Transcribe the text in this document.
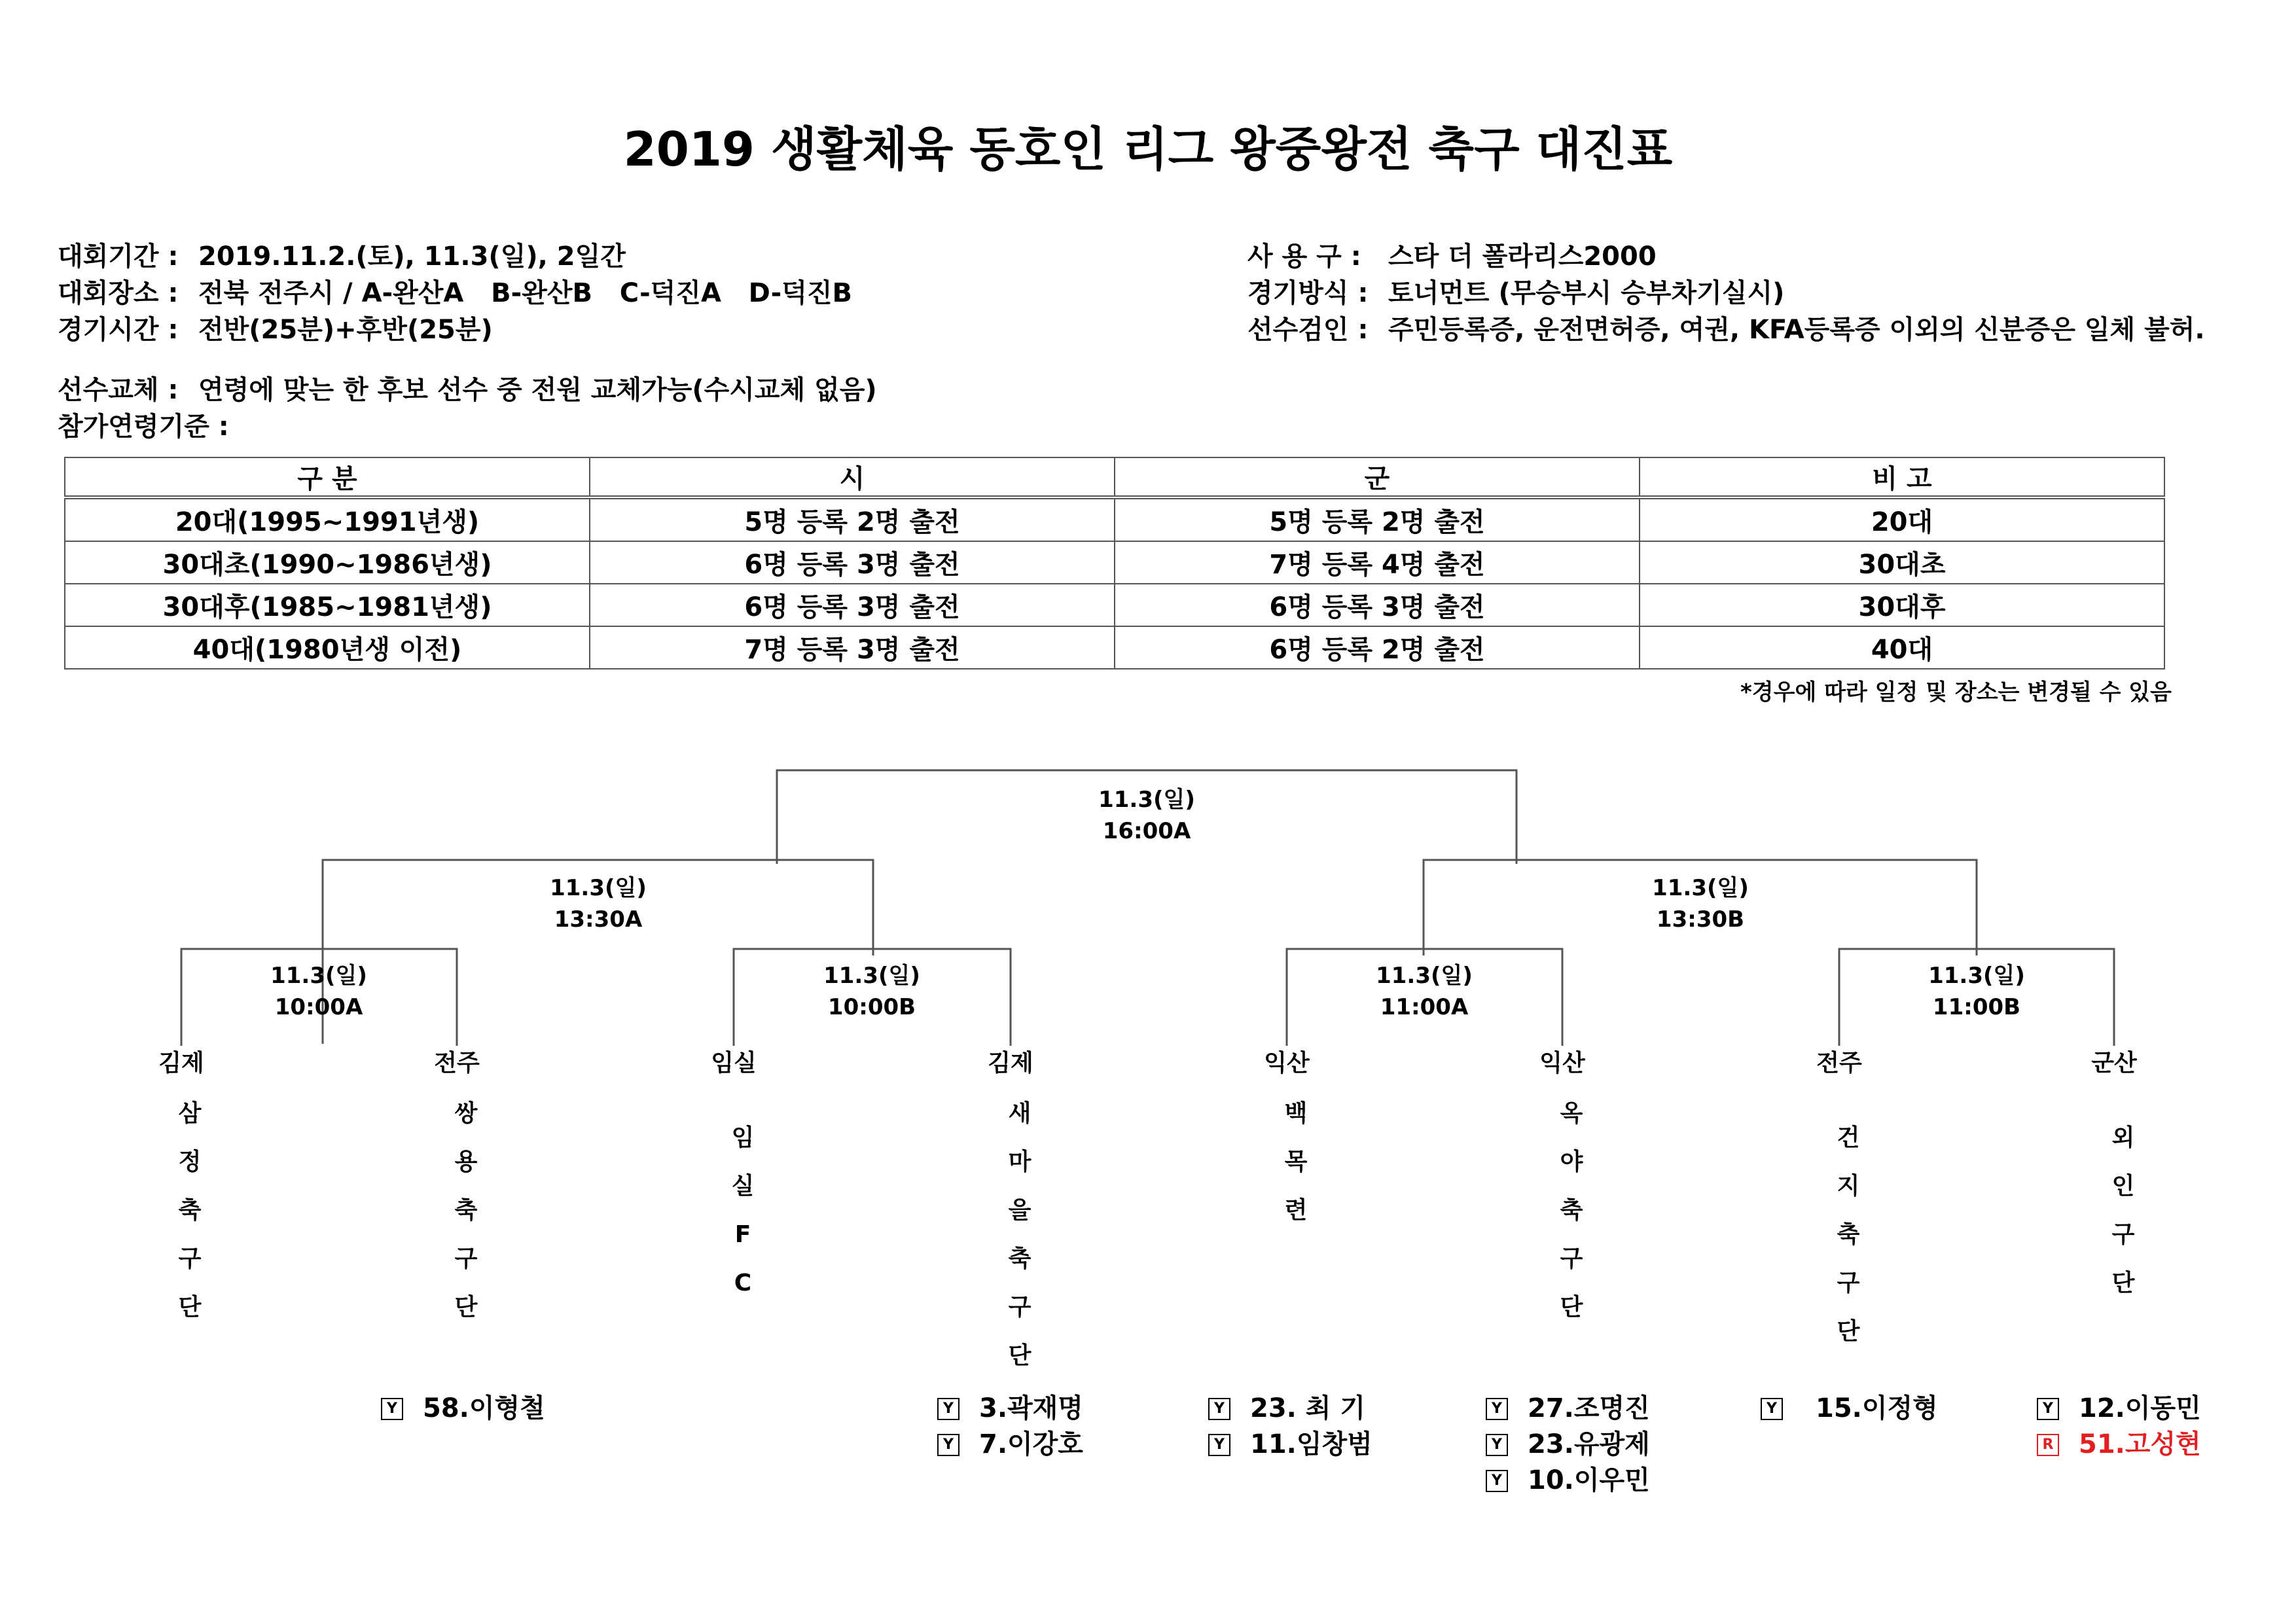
2019 생활체육 동호인 리그 왕중왕전 축구 대진표
대회기간 : 2019.11.2.(토), 11.3(일), 2일간
대회장소 : 전북 전주시 / A-완산A   B-완산B   C-덕진A   D-덕진B
경기시간 : 전반(25분)+후반(25분)
사 용 구 :	스타 더 폴라리스2000
경기방식 : 토너먼트 (무승부시 승부차기실시)
선수검인 : 주민등록증, 운전면허증, 여권, KFA등록증 이외의 신분증은 일체 불허.
선수교체 : 연령에 맞는 한 후보 선수 중 전원 교체가능(수시교체 없음)
참가연령기준 :
구 분	시	군	비 고
20대(1995~1991년생)	5명 등록 2명 출전	5명 등록 2명 출전	20대
30대초(1990~1986년생)	6명 등록 3명 출전	7명 등록 4명 출전	30대초
30대후(1985~1981년생)	6명 등록 3명 출전	6명 등록 3명 출전	30대후
40대(1980년생 이전)	7명 등록 3명 출전	6명 등록 2명 출전	40대
*경우에 따라 일정 및 장소는 변경될 수 있음
11.3(일)
16:00A
11.3(일)
13:30A
11.3(일)
13:30B
11.3(일)
10:00A
11.3(일)
10:00B
11.3(일)
11:00A
11.3(일)
11:00B
김제	전주	임실	김제	익산	익산	전주	군산
삼
정
축
구
단
쌍
용
축
구
단
임
실
F
C
새
마
을
축
구
단
백
목
련
옥
야
축
구
단
건
지
축
구
단
외
인
구
단
Y 58.이형철	Y 3.곽재명
Y 7.이강호
Y 23. 최 기
Y 11.임창범
Y 27.조명진
Y 23.유광제
Y 10.이우민
Y 15.이정형	Y 12.이동민
R 51.고성현
